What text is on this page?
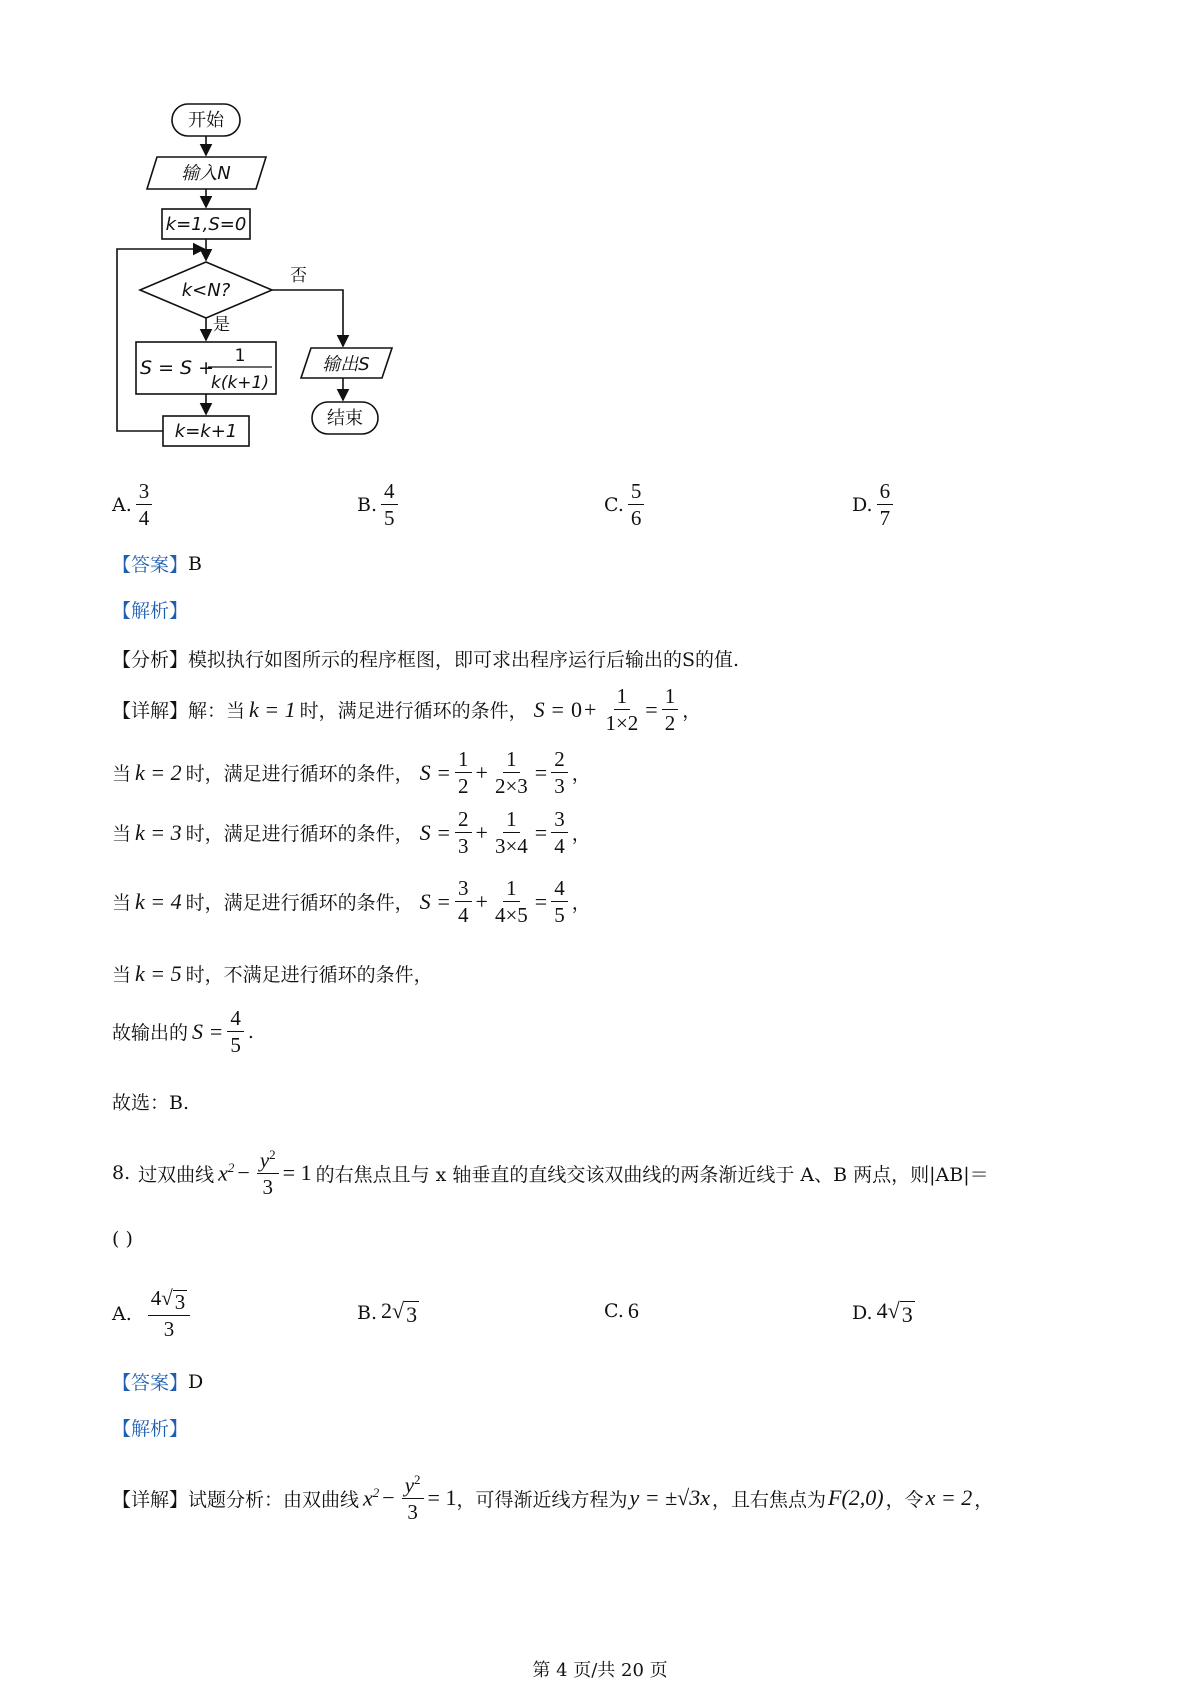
开始
输入N
k=1,S=0
k<N?
是
否
S = S +
1
k(k+1)
k=k+1
输出S
结束
A. $\frac{3}{4}$	B. $\frac{4}{5}$	C. $\frac{5}{6}$	D. $\frac{6}{7}$
【答案】 B
【解析】
【分析】 模拟执行如图所示的程序框图，即可求出程序运行后输出的S的值.
【详解】 解：当 k = 1 时，满足进行循环的条件， $S = 0 + \frac{1}{1\times 2} = \frac{1}{2}$ ，
当 k = 2 时，满足进行循环的条件， $S = \frac{1}{2} + \frac{1}{2\times 3} = \frac{2}{3}$ ，
当 k = 3 时，满足进行循环的条件， $S = \frac{2}{3} + \frac{1}{3\times 4} = \frac{3}{4}$ ，
当 k = 4 时，满足进行循环的条件， $S = \frac{3}{4} + \frac{1}{4\times 5} = \frac{4}{5}$ ，
当 k = 5 时，不满足进行循环的条件，
故输出的 $S = \frac{4}{5}$ .
故选：B.
8. 过双曲线 $x^2 - \frac{y^2}{3} = 1$ 的右焦点且与 x 轴垂直的直线交该双曲线的两条渐近线于 A、B 两点，则|AB|＝
( )
A. $\frac{4√ 3}{3}$	B. 2√ 3	C. 6	D. 4√ 3
【答案】 D
【解析】
【详解】 试题分析：由双曲线 $x^2 - \frac{y^2}{3} = 1$ ，可得渐近线方程为 y = ±√3x ，且右焦点为 F(2,0) ，令 x = 2 ，
第 4 页/共 20 页
